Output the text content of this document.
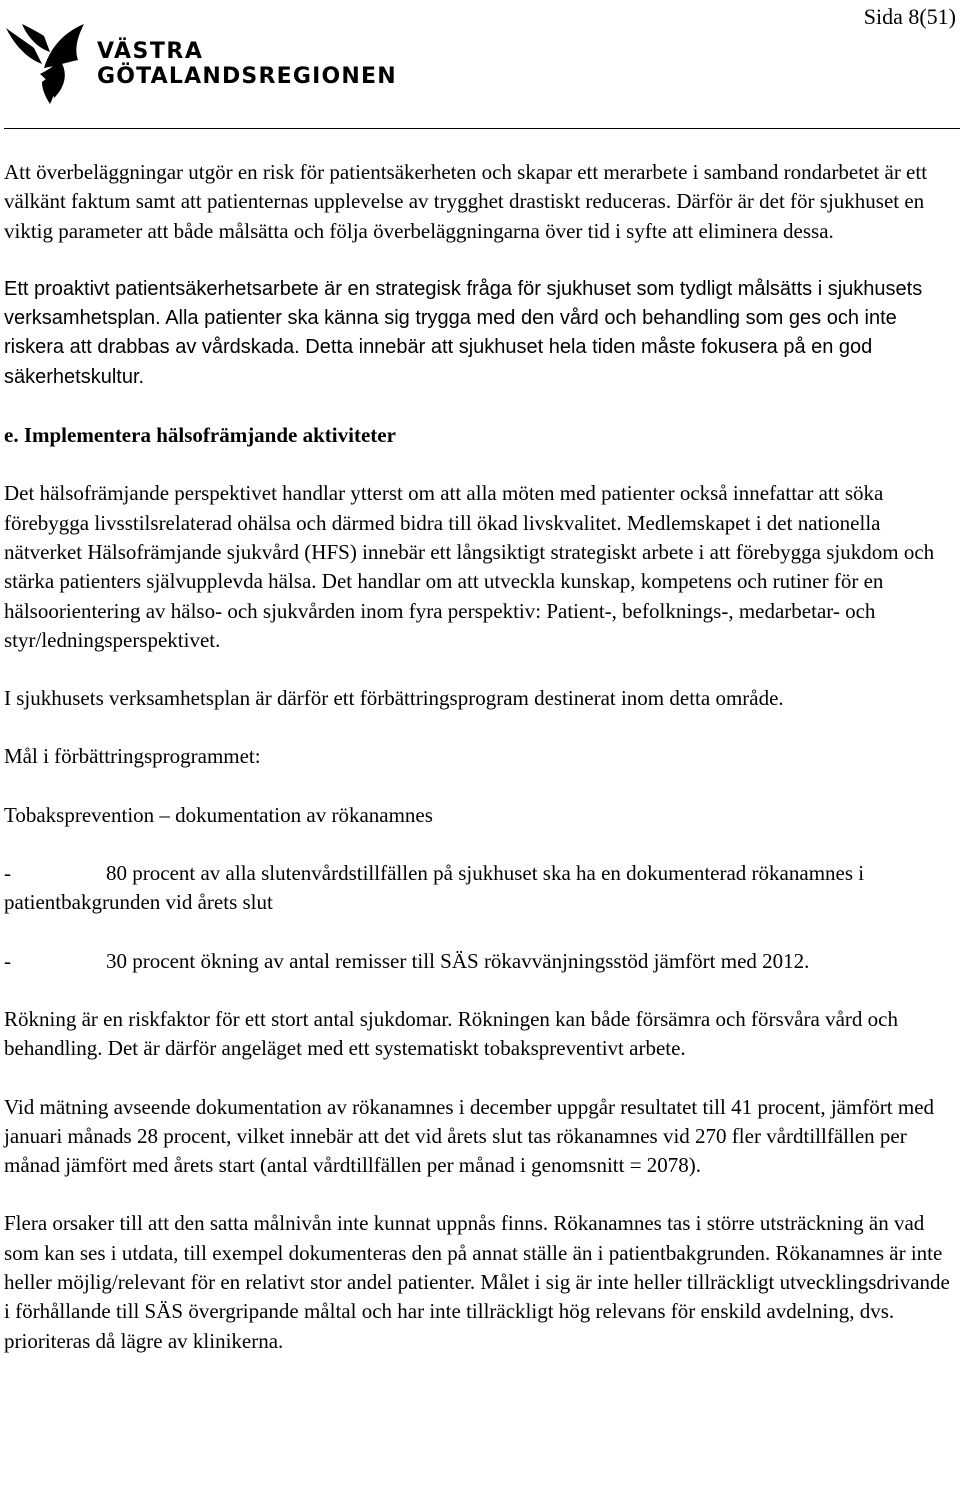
Sida 8(51)
VÄSTRA
GÖTALANDSREGIONEN

Att överbeläggningar utgör en risk för patientsäkerheten och skapar ett merarbete i samband rondarbetet är ett välkänt faktum samt att patienternas upplevelse av trygghet drastiskt reduceras. Därför är det för sjukhuset en viktig parameter att både målsätta och följa överbeläggningarna över tid i syfte att eliminera dessa.

Ett proaktivt patientsäkerhetsarbete är en strategisk fråga för sjukhuset som tydligt målsätts i sjukhusets verksamhetsplan. Alla patienter ska känna sig trygga med den vård och behandling som ges och inte riskera att drabbas av vårdskada. Detta innebär att sjukhuset hela tiden måste fokusera på en god säkerhetskultur.

e. Implementera hälsofrämjande aktiviteter

Det hälsofrämjande perspektivet handlar ytterst om att alla möten med patienter också innefattar att söka förebygga livsstilsrelaterad ohälsa och därmed bidra till ökad livskvalitet. Medlemskapet i det nationella nätverket Hälsofrämjande sjukvård (HFS) innebär ett långsiktigt strategiskt arbete i att förebygga sjukdom och stärka patienters självupplevda hälsa. Det handlar om att utveckla kunskap, kompetens och rutiner för en hälsoorientering av hälso- och sjukvården inom fyra perspektiv: Patient-, befolknings-, medarbetar- och styr/ledningsperspektivet.

I sjukhusets verksamhetsplan är därför ett förbättringsprogram destinerat inom detta område.

Mål i förbättringsprogrammet:

Tobaksprevention – dokumentation av rökanamnes

-	80 procent av alla slutenvårdstillfällen på sjukhuset ska ha en dokumenterad rökanamnes i patientbakgrunden vid årets slut

-	30 procent ökning av antal remisser till SÄS rökavvänjningsstöd jämfört med 2012.

Rökning är en riskfaktor för ett stort antal sjukdomar. Rökningen kan både försämra och försvåra vård och behandling. Det är därför angeläget med ett systematiskt tobakspreventivt arbete.

Vid mätning avseende dokumentation av rökanamnes i december uppgår resultatet till 41 procent, jämfört med januari månads 28 procent, vilket innebär att det vid årets slut tas rökanamnes vid 270 fler vårdtillfällen per månad jämfört med årets start (antal vårdtillfällen per månad i genomsnitt = 2078).

Flera orsaker till att den satta målnivån inte kunnat uppnås finns. Rökanamnes tas i större utsträckning än vad som kan ses i utdata, till exempel dokumenteras den på annat ställe än i patientbakgrunden. Rökanamnes är inte heller möjlig/relevant för en relativt stor andel patienter. Målet i sig är inte heller tillräckligt utvecklingsdrivande i förhållande till SÄS övergripande måltal och har inte tillräckligt hög relevans för enskild avdelning, dvs. prioriteras då lägre av klinikerna.
